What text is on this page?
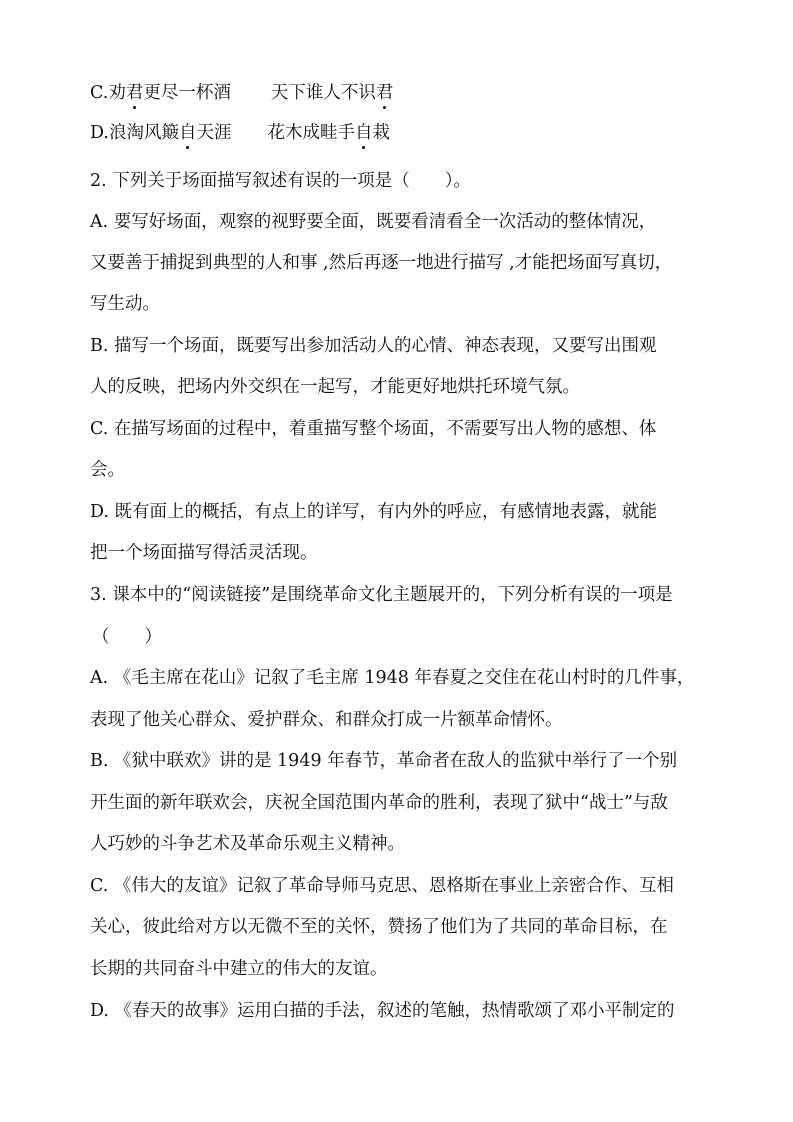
C.劝君更尽一杯酒 天下谁人不识君
D.浪淘风簸自天涯 花木成畦手自栽
2. 下列关于场面描写叙述有误的一项是（　　）。
A. 要写好场面，观察的视野要全面，既要看清看全一次活动的整体情况，
又要善于捕捉到典型的人和事 ,然后再逐一地进行描写 ,才能把场面写真切，
写生动。
B. 描写一个场面，既要写出参加活动人的心情、神态表现，又要写出围观
人的反映，把场内外交织在一起写，才能更好地烘托环境气氛。
C. 在描写场面的过程中，着重描写整个场面，不需要写出人物的感想、体
会。
D. 既有面上的概括，有点上的详写，有内外的呼应，有感情地表露，就能
把一个场面描写得活灵活现。
3. 课本中的“阅读链接”是围绕革命文化主题展开的，下列分析有误的一项是
（　　）
A. 《毛主席在花山》记叙了毛主席 1948 年春夏之交住在花山村时的几件事，
表现了他关心群众、爱护群众、和群众打成一片额革命情怀。
B. 《狱中联欢》讲的是 1949 年春节，革命者在敌人的监狱中举行了一个别
开生面的新年联欢会，庆祝全国范围内革命的胜利，表现了狱中“战士”与敌
人巧妙的斗争艺术及革命乐观主义精神。
C. 《伟大的友谊》记叙了革命导师马克思、恩格斯在事业上亲密合作、互相
关心，彼此给对方以无微不至的关怀，赞扬了他们为了共同的革命目标，在
长期的共同奋斗中建立的伟大的友谊。
D. 《春天的故事》运用白描的手法，叙述的笔触，热情歌颂了邓小平制定的
